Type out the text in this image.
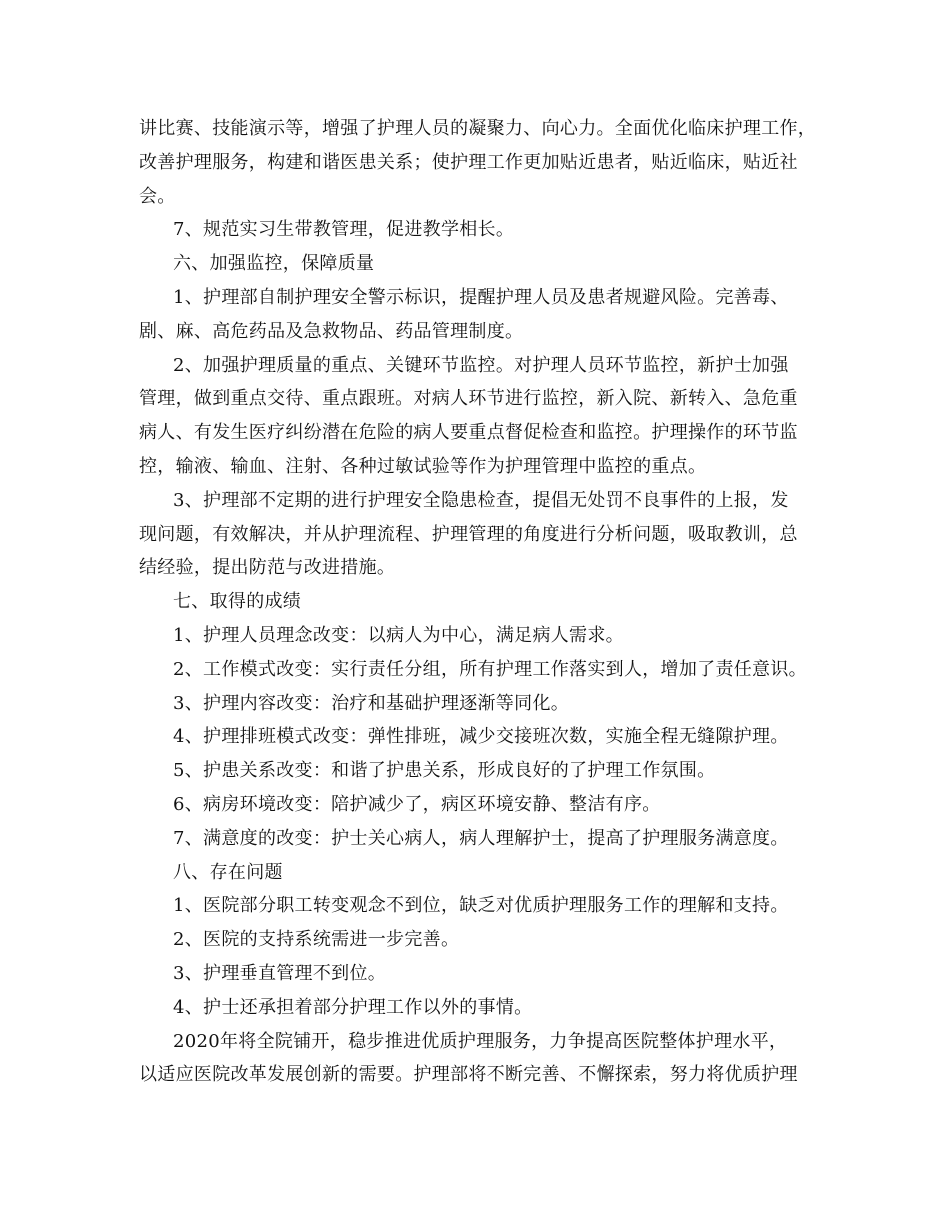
讲比赛、技能演示等，增强了护理人员的凝聚力、向心力。全面优化临床护理工作，
改善护理服务，构建和谐医患关系；使护理工作更加贴近患者，贴近临床，贴近社
会。
7、规范实习生带教管理，促进教学相长。
六、加强监控，保障质量
1、护理部自制护理安全警示标识，提醒护理人员及患者规避风险。完善毒、
剧、麻、高危药品及急救物品、药品管理制度。
2、加强护理质量的重点、关键环节监控。对护理人员环节监控，新护士加强
管理，做到重点交待、重点跟班。对病人环节进行监控，新入院、新转入、急危重
病人、有发生医疗纠纷潜在危险的病人要重点督促检查和监控。护理操作的环节监
控，输液、输血、注射、各种过敏试验等作为护理管理中监控的重点。
3、护理部不定期的进行护理安全隐患检查，提倡无处罚不良事件的上报，发
现问题，有效解决，并从护理流程、护理管理的角度进行分析问题，吸取教训，总
结经验，提出防范与改进措施。
七、取得的成绩
1、护理人员理念改变：以病人为中心，满足病人需求。
2、工作模式改变：实行责任分组，所有护理工作落实到人，增加了责任意识。
3、护理内容改变：治疗和基础护理逐渐等同化。
4、护理排班模式改变：弹性排班，减少交接班次数，实施全程无缝隙护理。
5、护患关系改变：和谐了护患关系，形成良好的了护理工作氛围。
6、病房环境改变：陪护减少了，病区环境安静、整洁有序。
7、满意度的改变：护士关心病人，病人理解护士，提高了护理服务满意度。
八、存在问题
1、医院部分职工转变观念不到位，缺乏对优质护理服务工作的理解和支持。
2、医院的支持系统需进一步完善。
3、护理垂直管理不到位。
4、护士还承担着部分护理工作以外的事情。
2020年将全院铺开，稳步推进优质护理服务，力争提高医院整体护理水平，
以适应医院改革发展创新的需要。护理部将不断完善、不懈探索，努力将优质护理
